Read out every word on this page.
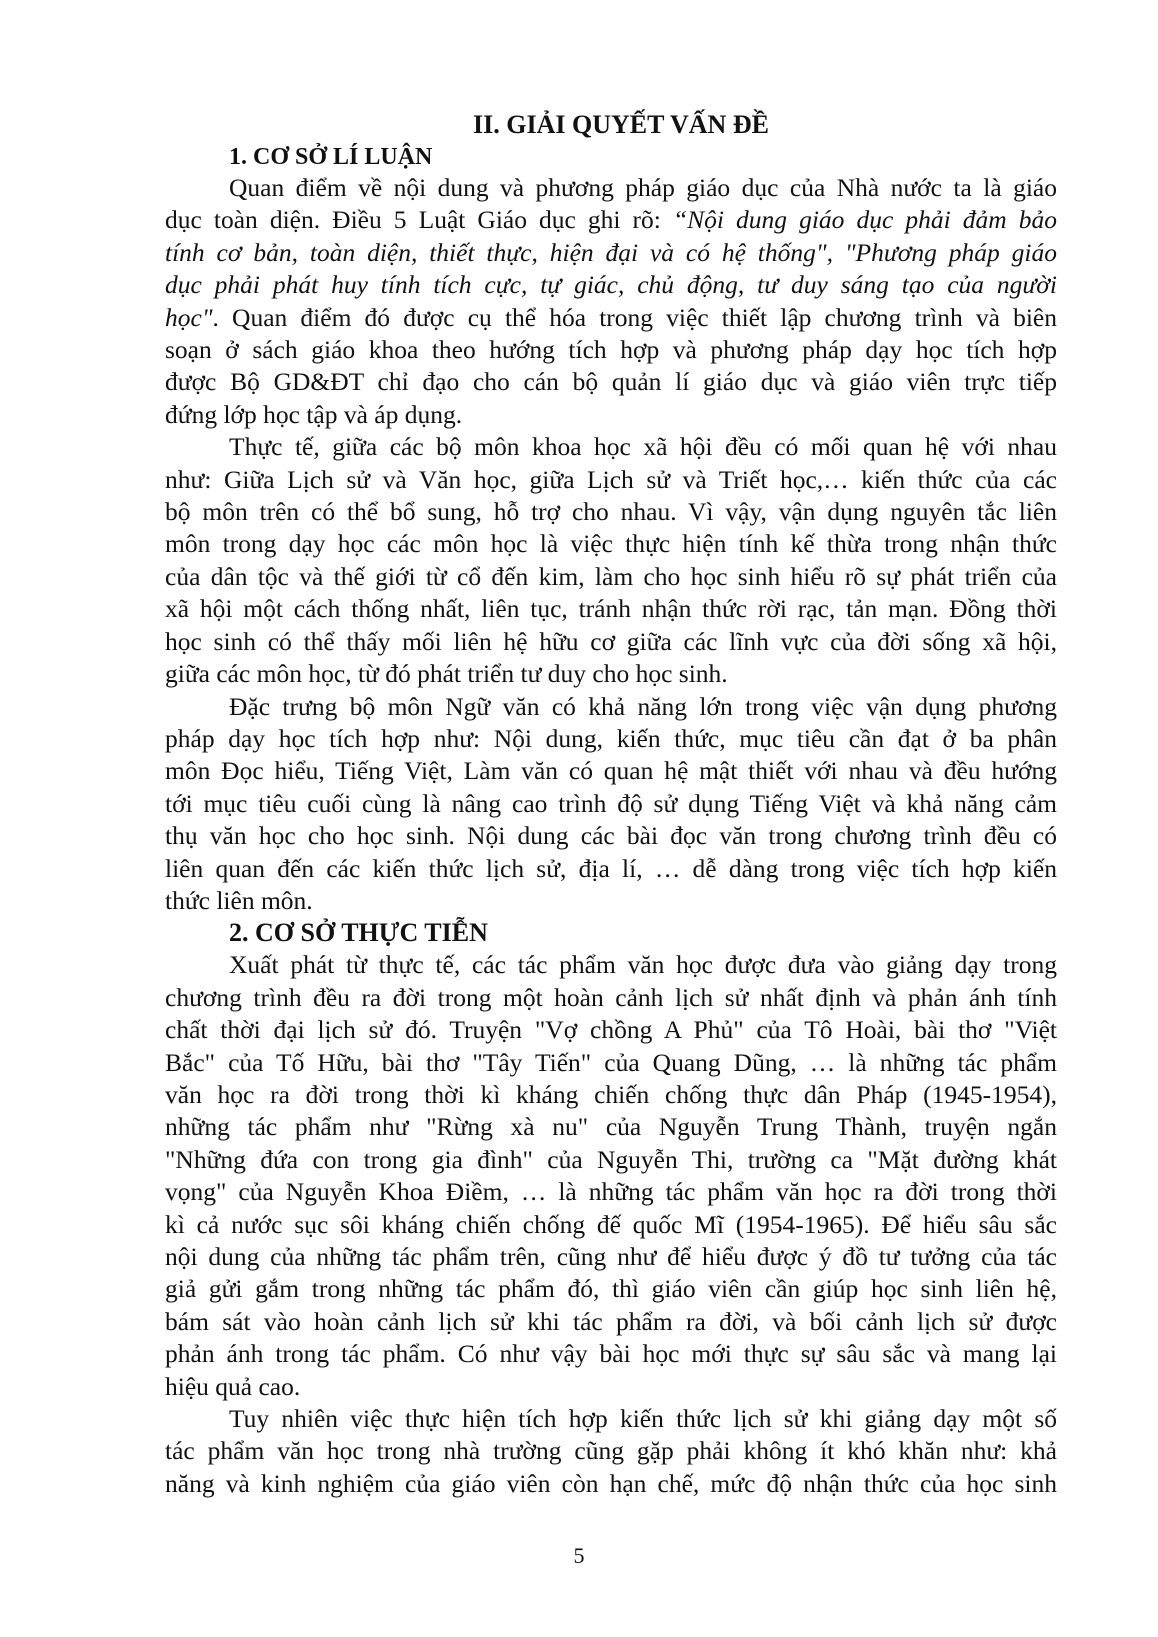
II. GIẢI QUYẾT VẤN ĐỀ
1. CƠ SỞ LÍ LUẬN

Quan điểm về nội dung và phương pháp giáo dục của Nhà nước ta là giáo
dục toàn diện. Điều 5 Luật Giáo dục ghi rõ: “Nội dung giáo dục phải đảm bảo
tính cơ bản, toàn diện, thiết thực, hiện đại và có hệ thống", "Phương pháp giáo
dục phải phát huy tính tích cực, tự giác, chủ động, tư duy sáng tạo của người
học". Quan điểm đó được cụ thể hóa trong việc thiết lập chương trình và biên
soạn ở sách giáo khoa theo hướng tích hợp và phương pháp dạy học tích hợp
được Bộ GD&ĐT chỉ đạo cho cán bộ quản lí giáo dục và giáo viên trực tiếp
đứng lớp học tập và áp dụng.

Thực tế, giữa các bộ môn khoa học xã hội đều có mối quan hệ với nhau
như: Giữa Lịch sử và Văn học, giữa Lịch sử và Triết học,… kiến thức của các
bộ môn trên có thể bổ sung, hỗ trợ cho nhau. Vì vậy, vận dụng nguyên tắc liên
môn trong dạy học các môn học là việc thực hiện tính kế thừa trong nhận thức
của dân tộc và thế giới từ cổ đến kim, làm cho học sinh hiểu rõ sự phát triển của
xã hội một cách thống nhất, liên tục, tránh nhận thức rời rạc, tản mạn. Đồng thời
học sinh có thể thấy mối liên hệ hữu cơ giữa các lĩnh vực của đời sống xã hội,
giữa các môn học, từ đó phát triển tư duy cho học sinh.

Đặc trưng bộ môn Ngữ văn có khả năng lớn trong việc vận dụng phương
pháp dạy học tích hợp như: Nội dung, kiến thức, mục tiêu cần đạt ở ba phân
môn Đọc hiểu, Tiếng Việt, Làm văn có quan hệ mật thiết với nhau và đều hướng
tới mục tiêu cuối cùng là nâng cao trình độ sử dụng Tiếng Việt và khả năng cảm
thụ văn học cho học sinh. Nội dung các bài đọc văn trong chương trình đều có
liên quan đến các kiến thức lịch sử, địa lí, … dễ dàng trong việc tích hợp kiến
thức liên môn.

2. CƠ SỞ THỰC TIỄN

Xuất phát từ thực tế, các tác phẩm văn học được đưa vào giảng dạy trong
chương trình đều ra đời trong một hoàn cảnh lịch sử nhất định và phản ánh tính
chất thời đại lịch sử đó. Truyện "Vợ chồng A Phủ" của Tô Hoài, bài thơ "Việt
Bắc" của Tố Hữu, bài thơ "Tây Tiến" của Quang Dũng, … là những tác phẩm
văn học ra đời trong thời kì kháng chiến chống thực dân Pháp (1945-1954),
những tác phẩm như "Rừng xà nu" của Nguyễn Trung Thành, truyện ngắn
"Những đứa con trong gia đình" của Nguyễn Thi, trường ca "Mặt đường khát
vọng" của Nguyễn Khoa Điềm, … là những tác phẩm văn học ra đời trong thời
kì cả nước sục sôi kháng chiến chống đế quốc Mĩ (1954-1965). Để hiểu sâu sắc
nội dung của những tác phẩm trên, cũng như để hiểu được ý đồ tư tưởng của tác
giả gửi gắm trong những tác phẩm đó, thì giáo viên cần giúp học sinh liên hệ,
bám sát vào hoàn cảnh lịch sử khi tác phẩm ra đời, và bối cảnh lịch sử được
phản ánh trong tác phẩm. Có như vậy bài học mới thực sự sâu sắc và mang lại
hiệu quả cao.

Tuy nhiên việc thực hiện tích hợp kiến thức lịch sử khi giảng dạy một số
tác phẩm văn học trong nhà trường cũng gặp phải không ít khó khăn như: khả
năng và kinh nghiệm của giáo viên còn hạn chế, mức độ nhận thức của học sinh

5
